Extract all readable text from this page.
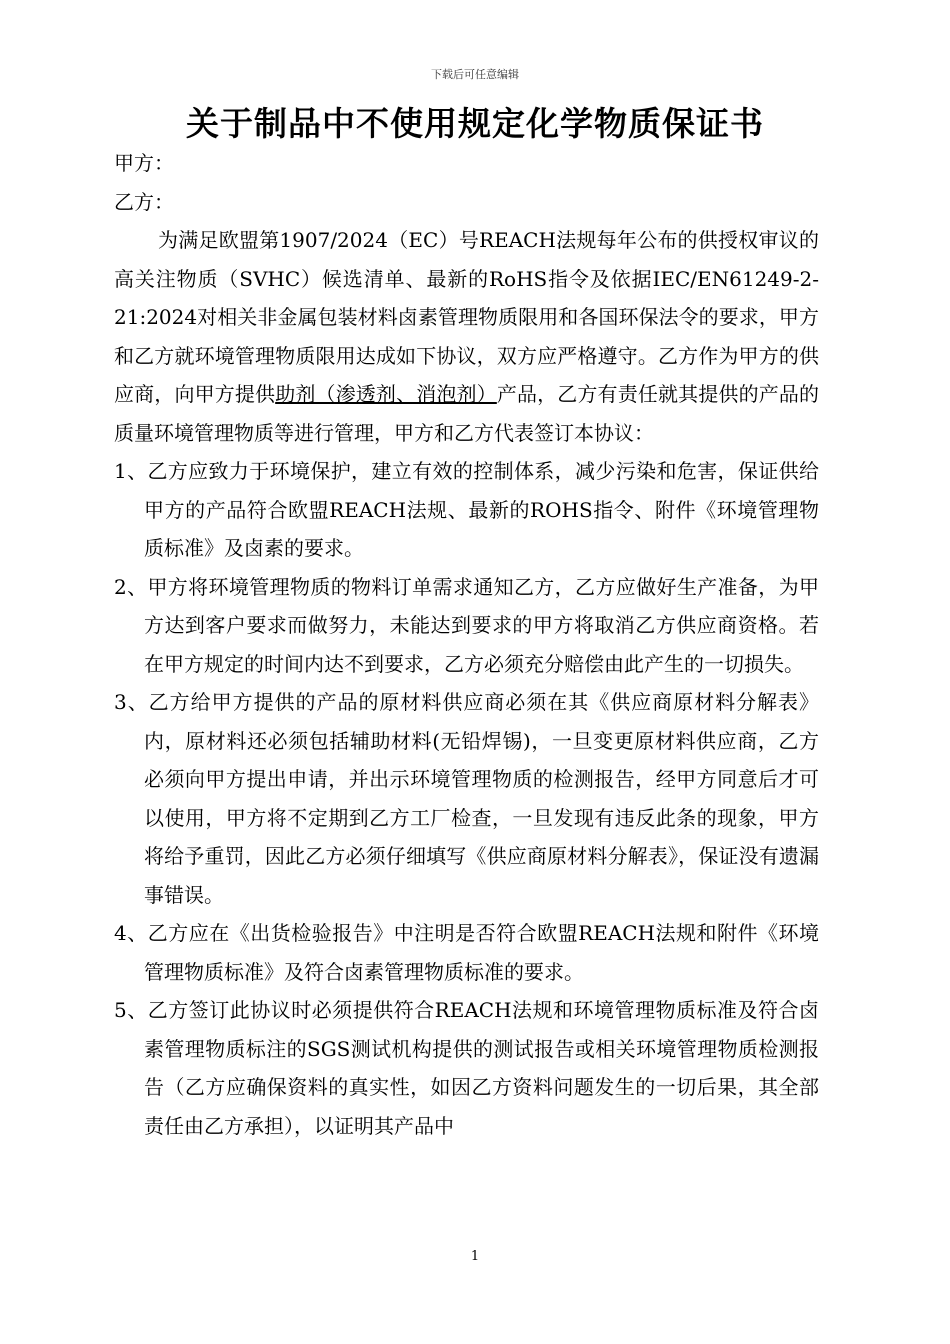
下载后可任意编辑
关于制品中不使用规定化学物质保证书

甲方：

乙方：

为满足欧盟第1907/2024（EC）号REACH法规每年公布的供授权审议的高关注物质（SVHC）候选清单、最新的RoHS指令及依据IEC/EN61249-2-21:2024对相关非金属包装材料卤素管理物质限用和各国环保法令的要求，甲方和乙方就环境管理物质限用达成如下协议，双方应严格遵守。乙方作为甲方的供应商，向甲方提供助剂（渗透剂、消泡剂）产品，乙方有责任就其提供的产品的质量环境管理物质等进行管理，甲方和乙方代表签订本协议：

1、乙方应致力于环境保护，建立有效的控制体系，减少污染和危害，保证供给甲方的产品符合欧盟REACH法规、最新的ROHS指令、附件《环境管理物质标准》及卤素的要求。

2、甲方将环境管理物质的物料订单需求通知乙方，乙方应做好生产准备，为甲方达到客户要求而做努力，未能达到要求的甲方将取消乙方供应商资格。若在甲方规定的时间内达不到要求，乙方必须充分赔偿由此产生的一切损失。

3、乙方给甲方提供的产品的原材料供应商必须在其《供应商原材料分解表》内，原材料还必须包括辅助材料(无铅焊锡)，一旦变更原材料供应商，乙方必须向甲方提出申请，并出示环境管理物质的检测报告，经甲方同意后才可以使用，甲方将不定期到乙方工厂检查，一旦发现有违反此条的现象，甲方将给予重罚，因此乙方必须仔细填写《供应商原材料分解表》，保证没有遗漏事错误。

4、乙方应在《出货检验报告》中注明是否符合欧盟REACH法规和附件《环境管理物质标准》及符合卤素管理物质标准的要求。

5、乙方签订此协议时必须提供符合REACH法规和环境管理物质标准及符合卤素管理物质标注的SGS测试机构提供的测试报告或相关环境管理物质检测报告（乙方应确保资料的真实性，如因乙方资料问题发生的一切后果，其全部责任由乙方承担），以证明其产品中

1
